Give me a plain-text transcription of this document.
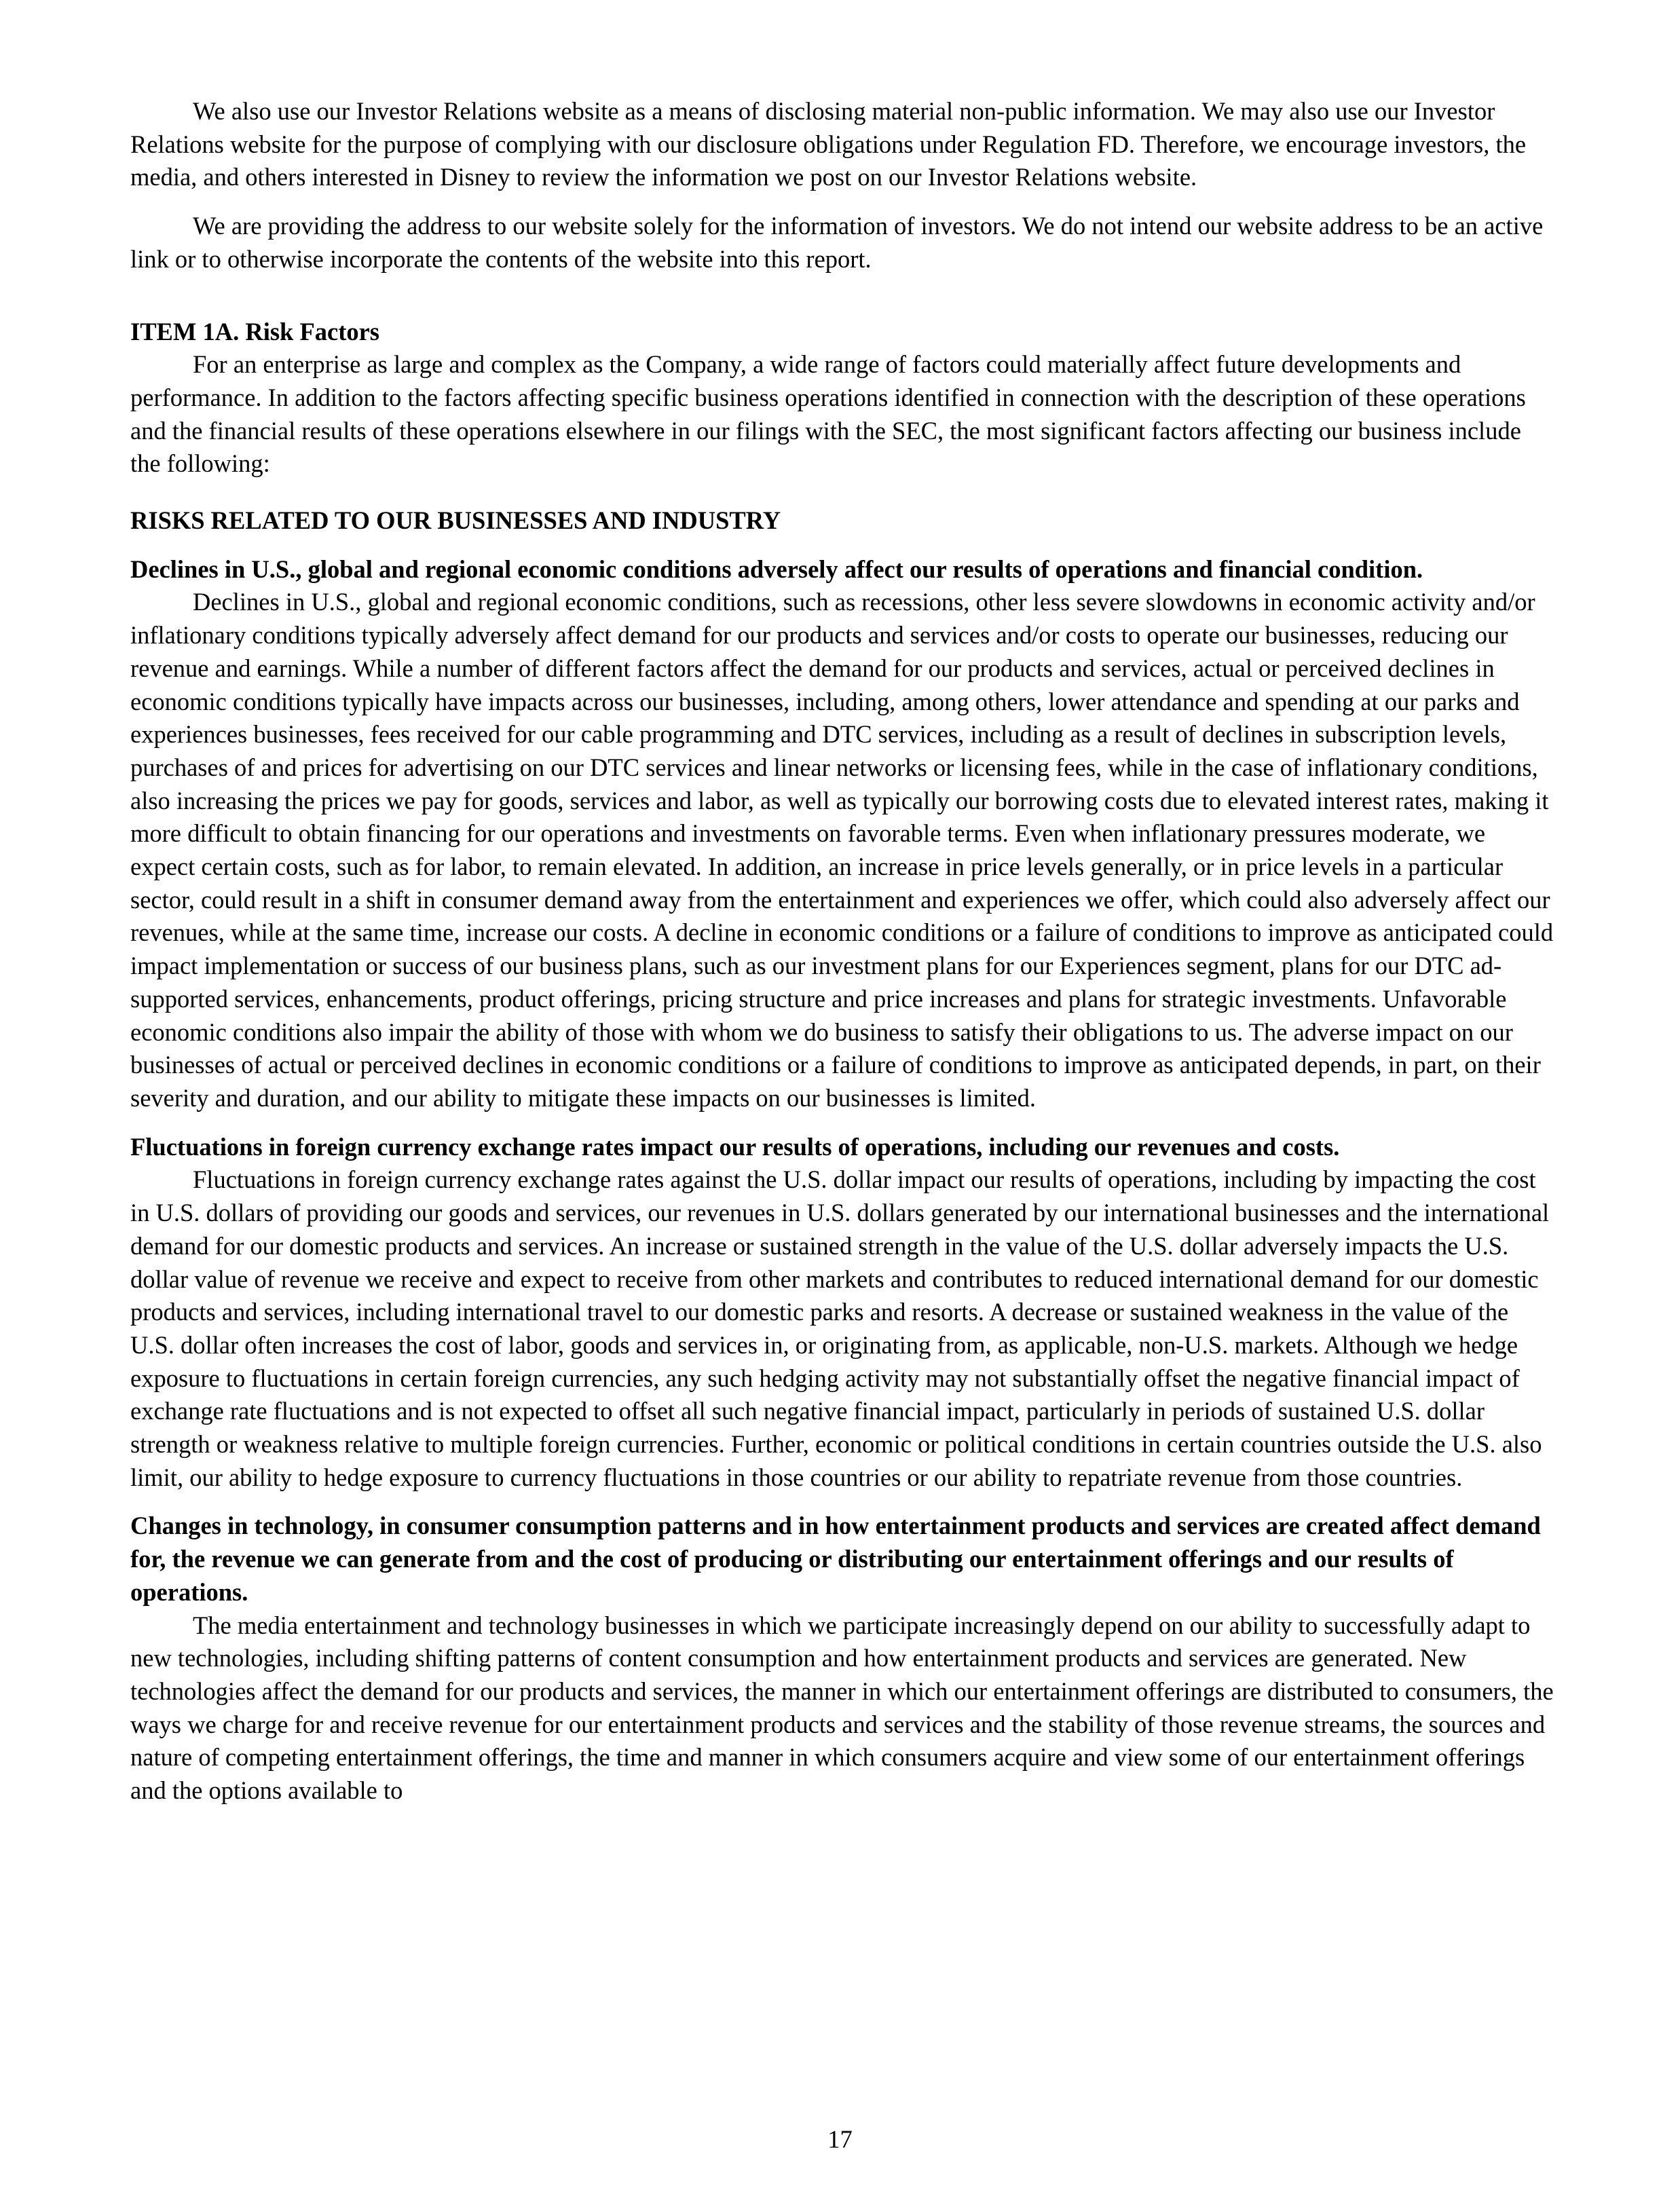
We also use our Investor Relations website as a means of disclosing material non-public information. We may also use our Investor Relations website for the purpose of complying with our disclosure obligations under Regulation FD. Therefore, we encourage investors, the media, and others interested in Disney to review the information we post on our Investor Relations website.

We are providing the address to our website solely for the information of investors. We do not intend our website address to be an active link or to otherwise incorporate the contents of the website into this report.

ITEM 1A. Risk Factors

For an enterprise as large and complex as the Company, a wide range of factors could materially affect future developments and performance. In addition to the factors affecting specific business operations identified in connection with the description of these operations and the financial results of these operations elsewhere in our filings with the SEC, the most significant factors affecting our business include the following:

RISKS RELATED TO OUR BUSINESSES AND INDUSTRY

Declines in U.S., global and regional economic conditions adversely affect our results of operations and financial condition.

Declines in U.S., global and regional economic conditions, such as recessions, other less severe slowdowns in economic activity and/or inflationary conditions typically adversely affect demand for our products and services and/or costs to operate our businesses, reducing our revenue and earnings. While a number of different factors affect the demand for our products and services, actual or perceived declines in economic conditions typically have impacts across our businesses, including, among others, lower attendance and spending at our parks and experiences businesses, fees received for our cable programming and DTC services, including as a result of declines in subscription levels, purchases of and prices for advertising on our DTC services and linear networks or licensing fees, while in the case of inflationary conditions, also increasing the prices we pay for goods, services and labor, as well as typically our borrowing costs due to elevated interest rates, making it more difficult to obtain financing for our operations and investments on favorable terms. Even when inflationary pressures moderate, we expect certain costs, such as for labor, to remain elevated. In addition, an increase in price levels generally, or in price levels in a particular sector, could result in a shift in consumer demand away from the entertainment and experiences we offer, which could also adversely affect our revenues, while at the same time, increase our costs. A decline in economic conditions or a failure of conditions to improve as anticipated could impact implementation or success of our business plans, such as our investment plans for our Experiences segment, plans for our DTC ad-supported services, enhancements, product offerings, pricing structure and price increases and plans for strategic investments. Unfavorable economic conditions also impair the ability of those with whom we do business to satisfy their obligations to us. The adverse impact on our businesses of actual or perceived declines in economic conditions or a failure of conditions to improve as anticipated depends, in part, on their severity and duration, and our ability to mitigate these impacts on our businesses is limited.

Fluctuations in foreign currency exchange rates impact our results of operations, including our revenues and costs.

Fluctuations in foreign currency exchange rates against the U.S. dollar impact our results of operations, including by impacting the cost in U.S. dollars of providing our goods and services, our revenues in U.S. dollars generated by our international businesses and the international demand for our domestic products and services. An increase or sustained strength in the value of the U.S. dollar adversely impacts the U.S. dollar value of revenue we receive and expect to receive from other markets and contributes to reduced international demand for our domestic products and services, including international travel to our domestic parks and resorts. A decrease or sustained weakness in the value of the U.S. dollar often increases the cost of labor, goods and services in, or originating from, as applicable, non-U.S. markets. Although we hedge exposure to fluctuations in certain foreign currencies, any such hedging activity may not substantially offset the negative financial impact of exchange rate fluctuations and is not expected to offset all such negative financial impact, particularly in periods of sustained U.S. dollar strength or weakness relative to multiple foreign currencies. Further, economic or political conditions in certain countries outside the U.S. also limit, our ability to hedge exposure to currency fluctuations in those countries or our ability to repatriate revenue from those countries.

Changes in technology, in consumer consumption patterns and in how entertainment products and services are created affect demand for, the revenue we can generate from and the cost of producing or distributing our entertainment offerings and our results of operations.

The media entertainment and technology businesses in which we participate increasingly depend on our ability to successfully adapt to new technologies, including shifting patterns of content consumption and how entertainment products and services are generated. New technologies affect the demand for our products and services, the manner in which our entertainment offerings are distributed to consumers, the ways we charge for and receive revenue for our entertainment products and services and the stability of those revenue streams, the sources and nature of competing entertainment offerings, the time and manner in which consumers acquire and view some of our entertainment offerings and the options available to

17
